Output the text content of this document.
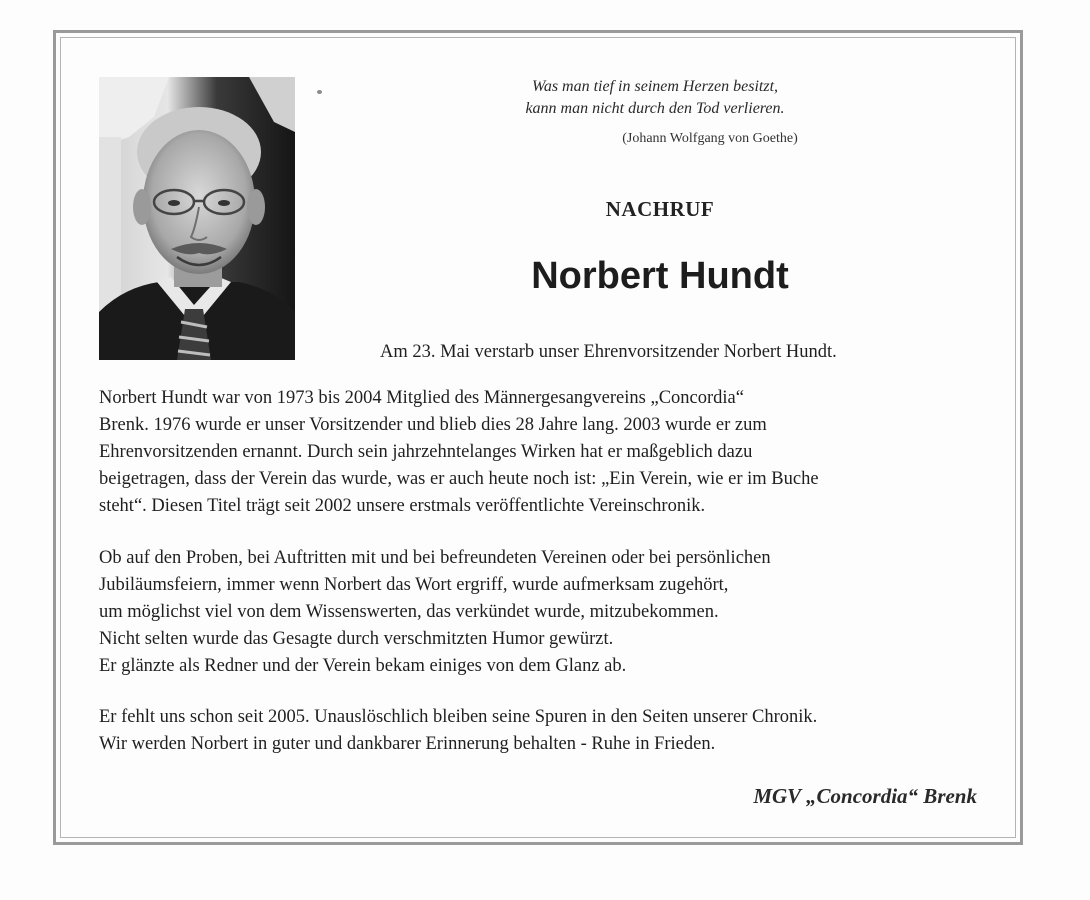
Was man tief in seinem Herzen besitzt,
kann man nicht durch den Tod verlieren.
(Johann Wolfgang von Goethe)
NACHRUF
Norbert Hundt
Am 23. Mai verstarb unser Ehrenvorsitzender Norbert Hundt.
Norbert Hundt war von 1973 bis 2004 Mitglied des Männergesangvereins „Concordia“
Brenk. 1976 wurde er unser Vorsitzender und blieb dies 28 Jahre lang. 2003 wurde er zum
Ehrenvorsitzenden ernannt. Durch sein jahrzehntelanges Wirken hat er maßgeblich dazu
beigetragen, dass der Verein das wurde, was er auch heute noch ist: „Ein Verein, wie er im Buche
steht“. Diesen Titel trägt seit 2002 unsere erstmals veröffentlichte Vereinschronik.
Ob auf den Proben, bei Auftritten mit und bei befreundeten Vereinen oder bei persönlichen
Jubiläumsfeiern, immer wenn Norbert das Wort ergriff, wurde aufmerksam zugehört,
um möglichst viel von dem Wissenswerten, das verkündet wurde, mitzubekommen.
Nicht selten wurde das Gesagte durch verschmitzten Humor gewürzt.
Er glänzte als Redner und der Verein bekam einiges von dem Glanz ab.
Er fehlt uns schon seit 2005. Unauslöschlich bleiben seine Spuren in den Seiten unserer Chronik.
Wir werden Norbert in guter und dankbarer Erinnerung behalten - Ruhe in Frieden.
MGV „Concordia“ Brenk
